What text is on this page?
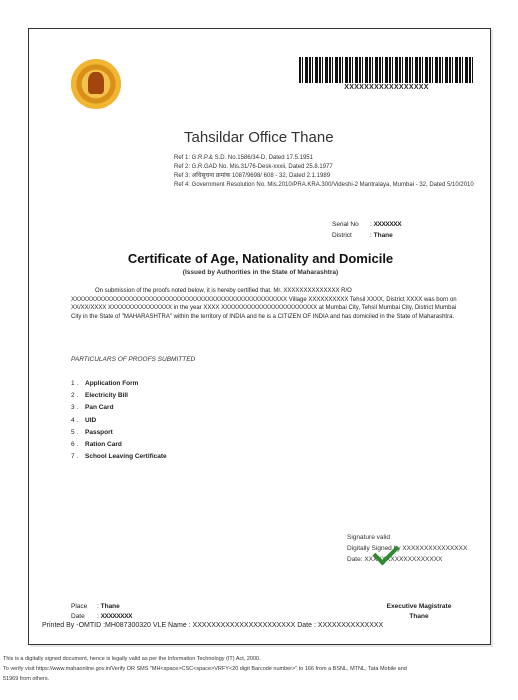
XXXXXXXXXXXXXXXXX
Tahsildar Office Thane
Ref 1: G.R.P.& S.D. No.1586/34-D, Dated 17.5.1951
Ref 2: G.R.GAD No. Mis.31/76-Desk-xxxii, Dated 25.8.1977
Ref 3: अधिसूचना क्रमांक 1087/9698/ 608 - 32, Dated 2.1.1989
Ref 4: Government Resolution No. Mis.2010/PRA.KRA.300/Videshi-2 Mantralaya, Mumbai - 32, Dated 5/10/2010
Serial No : XXXXXXX
District	: Thane
Certificate of Age, Nationality and Domicile
(Issued by Authorities in the State of Maharashtra)
On submission of the proofs noted below, it is hereby certified that. Mr. XXXXXXXXXXXXXX R/O XXXXXXXXXXXXXXXXXXXXXXXXXXXXXXXXXXXXXXXXXXXXXXXXXXXXXX Village XXXXXXXXXX Tehsil XXXX, District XXXX was born on XX/XX/XXXX XXXXXXXXXXXXXXXX in the year XXXX XXXXXXXXXXXXXXXXXXXXXXXX at Mumbai City, Tehsil Mumbai City, District Mumbai City in the State of "MAHARASHTRA" within the territory of INDIA and he is a CITIZEN OF INDIA and has domiciled in the State of Maharashtra.
PARTICULARS OF PROOFS SUBMITTED
1 . Application Form
2 . Electricity Bill
3 . Pan Card
4 . UID
5 . Passport
6 . Ration Card
7 . School Leaving Certificate
Signature valid
Digitally Signed by XXXXXXXXXXXXXXX
Date: XXXXXXXXXXXXXXXXXX
Place : Thane
Date : XXXXXXXX
Executive Magistrate
Thane
Printed By -OMTID :MH087300320 VLE Name : XXXXXXXXXXXXXXXXXXXXXX Date : XXXXXXXXXXXXXX
This is a digitally signed document, hence is legally valid as per the Information Technology (IT) Act, 2000.
To verify visit https://www.mahaonline.gov.in/Verify OR SMS "MH<space>CSC<space>VRFY<20 digit Barcode number>" to 166 from a BSNL, MTNL, Tata Mobile and
51969 from others.
